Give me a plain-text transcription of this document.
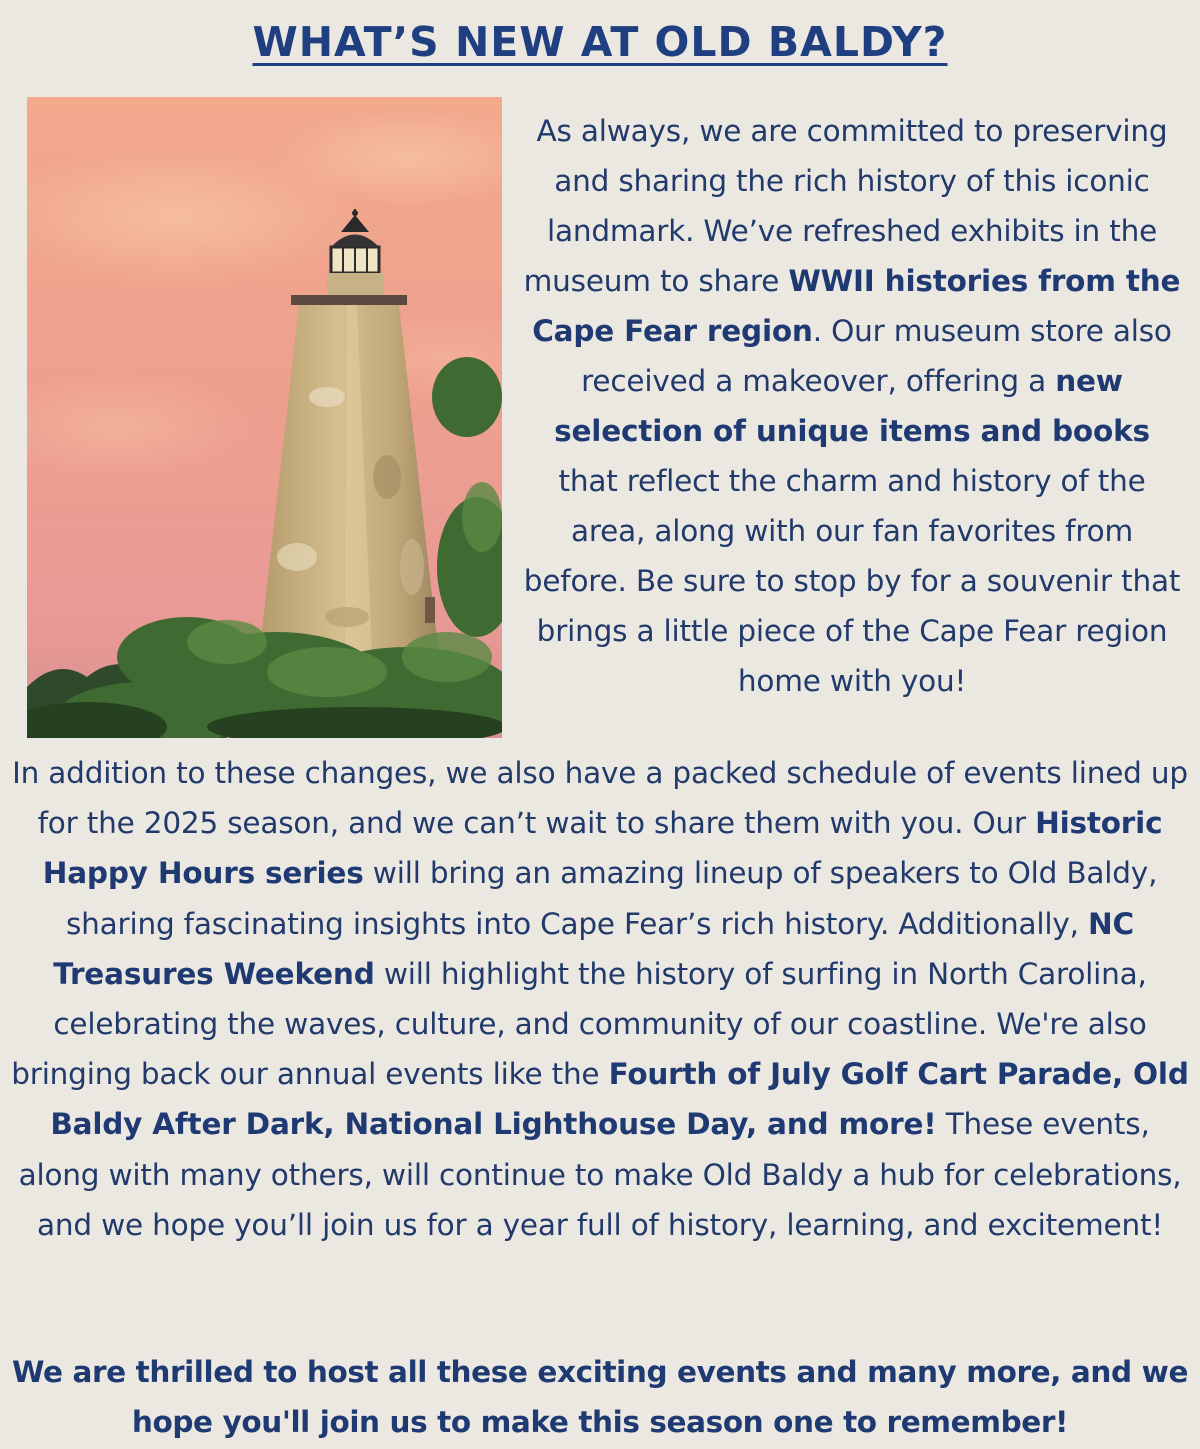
WHAT’S NEW AT OLD BALDY?
As always, we are committed to preserving and sharing the rich history of this iconic landmark. We’ve refreshed exhibits in the museum to share WWII histories from the Cape Fear region. Our museum store also received a makeover, offering a new selection of unique items and books that reflect the charm and history of the area, along with our fan favorites from before. Be sure to stop by for a souvenir that brings a little piece of the Cape Fear region home with you!
In addition to these changes, we also have a packed schedule of events lined up for the 2025 season, and we can’t wait to share them with you. Our Historic Happy Hours series will bring an amazing lineup of speakers to Old Baldy, sharing fascinating insights into Cape Fear’s rich history. Additionally, NC Treasures Weekend will highlight the history of surfing in North Carolina, celebrating the waves, culture, and community of our coastline. We're also bringing back our annual events like the Fourth of July Golf Cart Parade, Old Baldy After Dark, National Lighthouse Day, and more! These events, along with many others, will continue to make Old Baldy a hub for celebrations, and we hope you’ll join us for a year full of history, learning, and excitement!
We are thrilled to host all these exciting events and many more, and we hope you'll join us to make this season one to remember!
